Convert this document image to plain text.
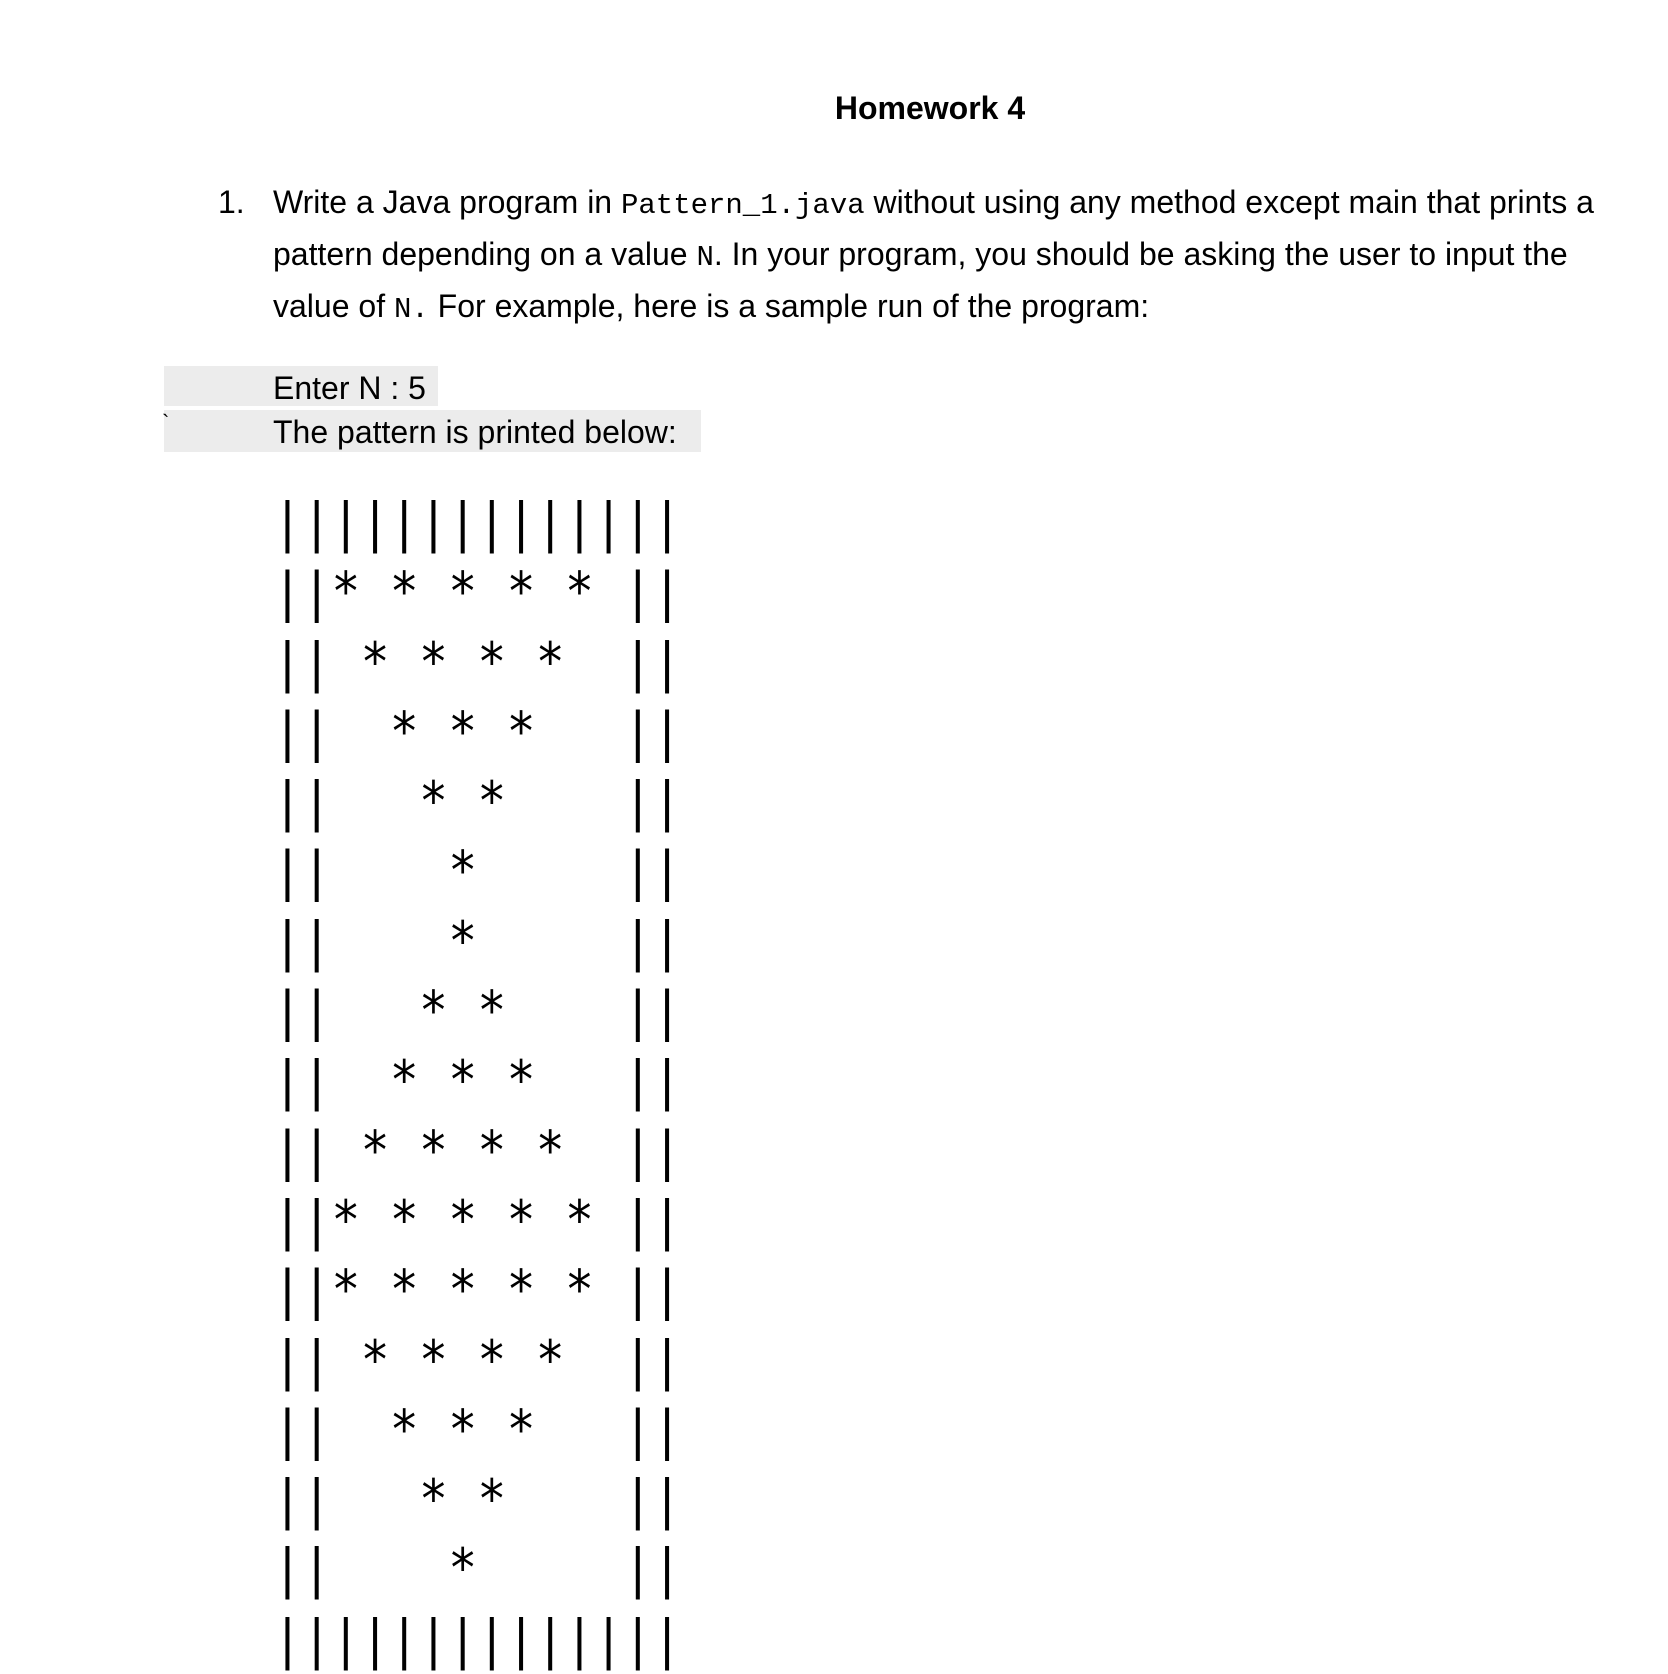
Homework 4
1. Write a Java program in Pattern_1.java without using any method except main that prints a pattern depending on a value N. In your program, you should be asking the user to input the value of N. For example, here is a sample run of the program:
`
Enter N : 5
The pattern is printed below:
||||||||||||||
||* * * * * ||
|| * * * *  ||
||  * * *   ||
||   * *    ||
||    *     ||
||    *     ||
||   * *    ||
||  * * *   ||
|| * * * *  ||
||* * * * * ||
||* * * * * ||
|| * * * *  ||
||  * * *   ||
||   * *    ||
||    *     ||
||||||||||||||
